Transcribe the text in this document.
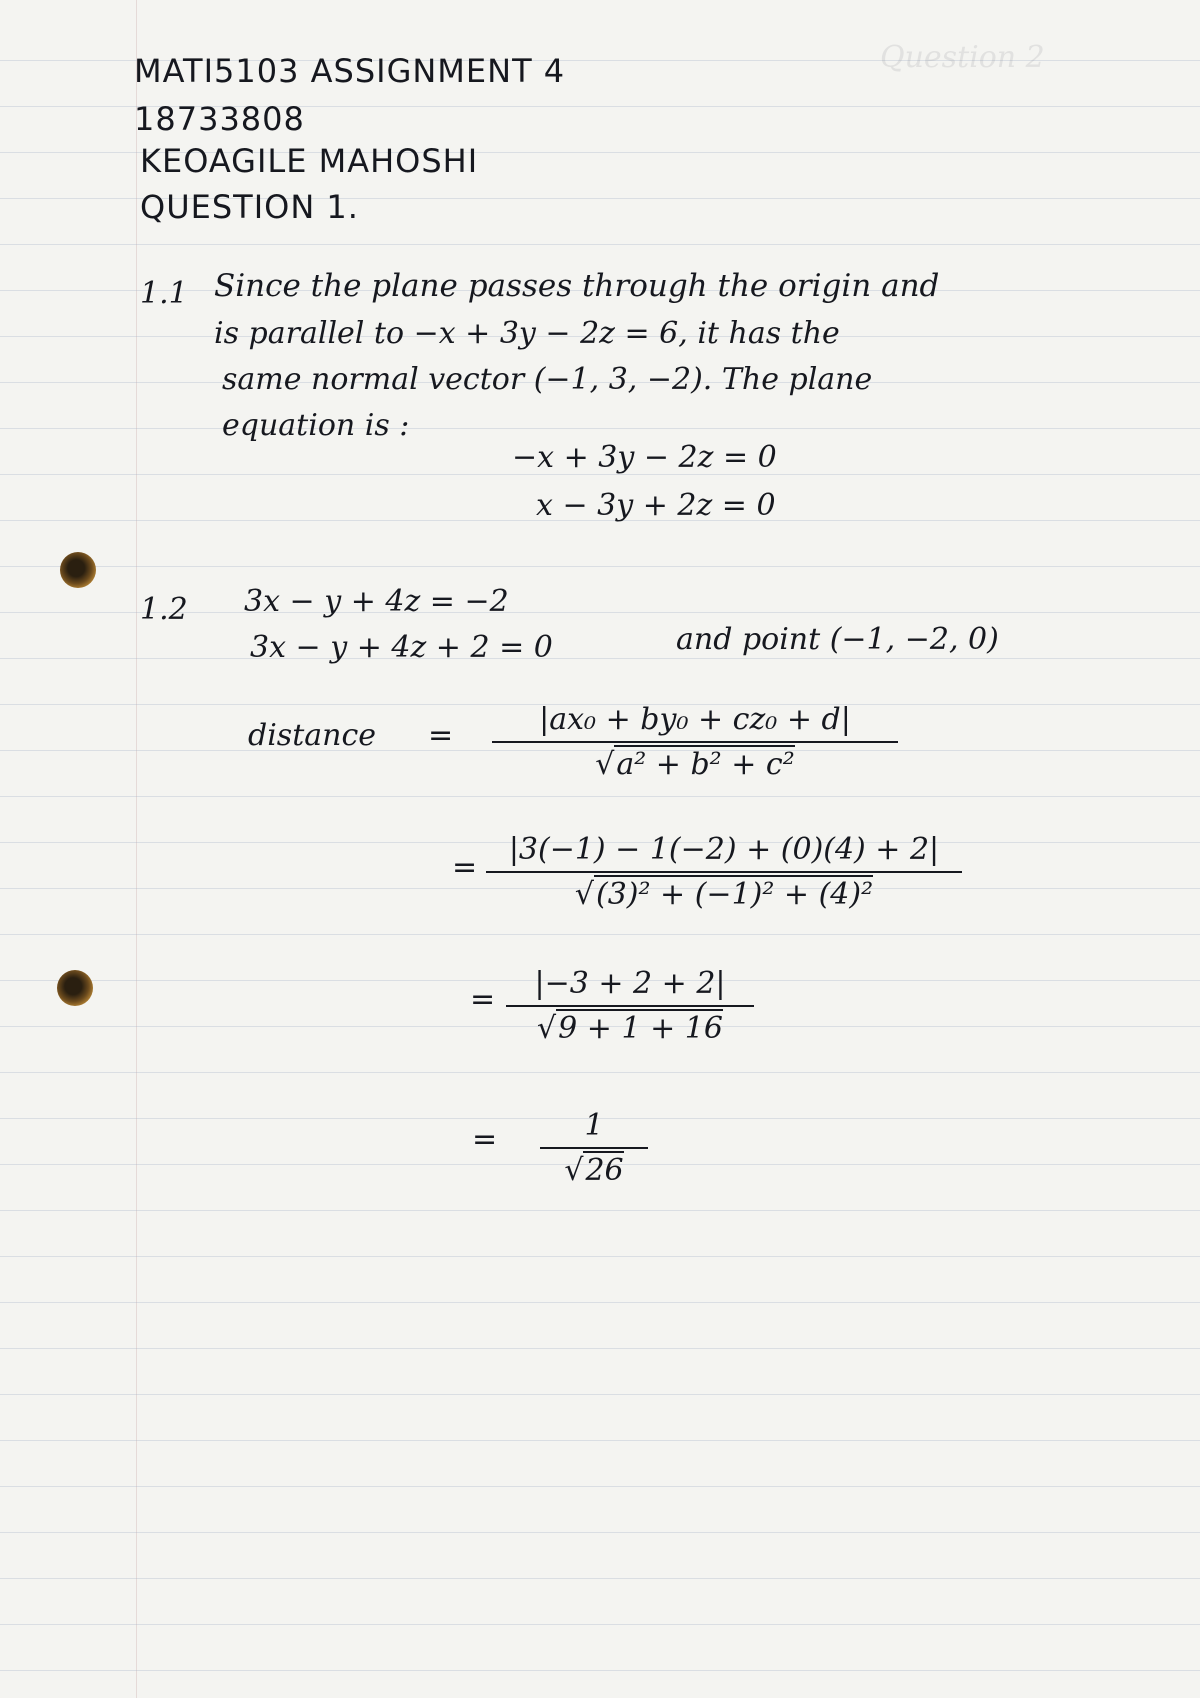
Question 2
MATI5103 ASSIGNMENT 4
18733808
KEOAGILE MAHOSHI
QUESTION 1.
1.1 Since the plane passes through the origin and
is parallel to −x + 3y − 2z = 6, it has the
same normal vector (−1, 3, −2). The plane
equation is :
−x + 3y − 2z = 0
x − 3y + 2z = 0
1.2 3x − y + 4z = −2
3x − y + 4z + 2 = 0	and point (−1, −2, 0)
distance =	|ax₀ + by₀ + cz₀ + d|
√a² + b² + c²
=
|3(−1) − 1(−2) + (0)(4) + 2|
√(3)² + (−1)² + (4)²
=	|−3 + 2 + 2|
√9 + 1 + 16
=	1
√26
